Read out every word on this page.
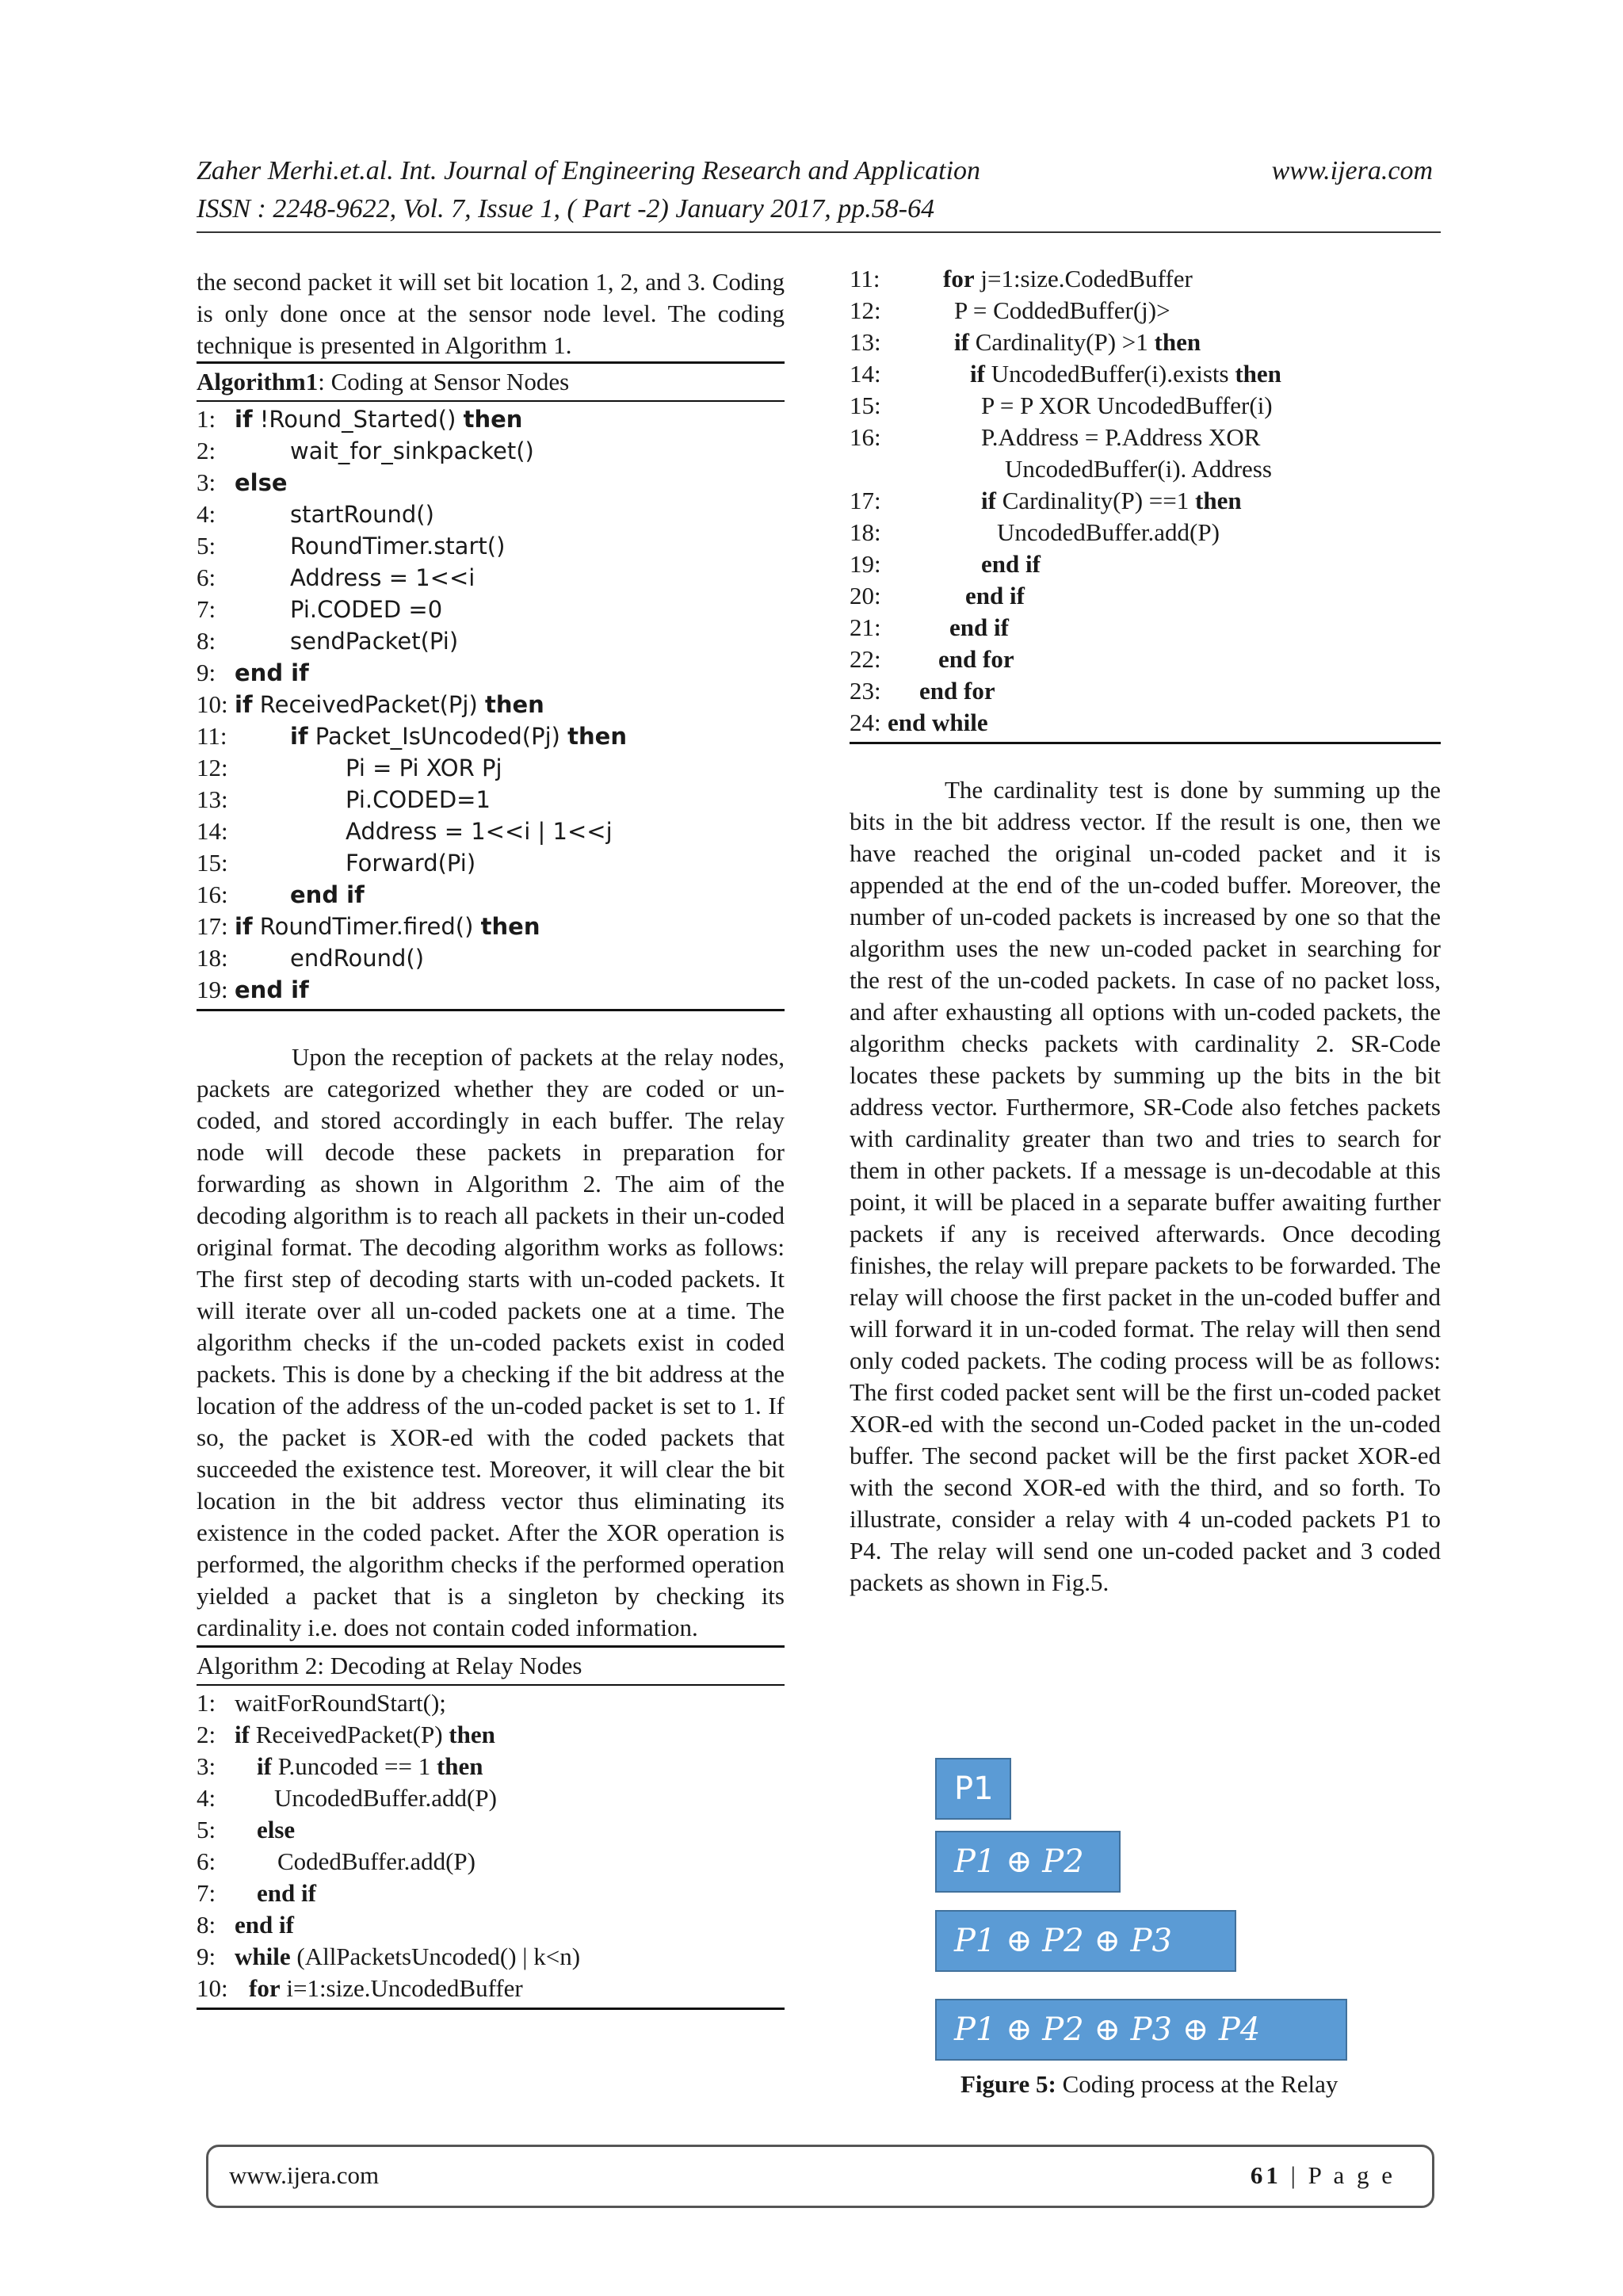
Zaher Merhi.et.al. Int. Journal of Engineering Research and Application	www.ijera.com
ISSN : 2248-9622, Vol. 7, Issue 1, ( Part -2) January 2017, pp.58-64

the second packet it will set bit location 1, 2, and 3. Coding is only done once at the sensor node level. The coding technique is presented in Algorithm 1.

Algorithm1: Coding at Sensor Nodes
1: if !Round_Started() then
2:	wait_for_sinkpacket()
3: else
4:	startRound()
5:	RoundTimer.start()
6:	Address = 1<<i
7:	Pi.CODED =0
8:	sendPacket(Pi)
9: end if
10: if ReceivedPacket(Pj) then
11:	if Packet_IsUncoded(Pj) then
12:	Pi = Pi XOR Pj
13:	Pi.CODED=1
14:	Address = 1<<i | 1<<j
15:	Forward(Pi)
16:	end if
17: if RoundTimer.fired() then
18:	endRound()
19: end if

Upon the reception of packets at the relay nodes, packets are categorized whether they are coded or un-coded, and stored accordingly in each buffer. The relay node will decode these packets in preparation for forwarding as shown in Algorithm 2. The aim of the decoding algorithm is to reach all packets in their un-coded original format. The decoding algorithm works as follows: The first step of decoding starts with un-coded packets. It will iterate over all un-coded packets one at a time. The algorithm checks if the un-coded packets exist in coded packets. This is done by a checking if the bit address at the location of the address of the un-coded packet is set to 1. If so, the packet is XOR-ed with the coded packets that succeeded the existence test. Moreover, it will clear the bit location in the bit address vector thus eliminating its existence in the coded packet. After the XOR operation is performed, the algorithm checks if the performed operation yielded a packet that is a singleton by checking its cardinality i.e. does not contain coded information.

Algorithm 2: Decoding at Relay Nodes
1: waitForRoundStart();
2: if ReceivedPacket(P) then
3:	if P.uncoded == 1 then
4:	UncodedBuffer.add(P)
5:	else
6:	CodedBuffer.add(P)
7:	end if
8: end if
9: while (AllPacketsUncoded() | k<n)
10: for i=1:size.UncodedBuffer
11:	for j=1:size.CodedBuffer
12:	P = CoddedBuffer(j)>
13:	if Cardinality(P) >1 then
14:	if UncodedBuffer(i).exists then
15:	P = P XOR UncodedBuffer(i)
16:	P.Address = P.Address XOR
UncodedBuffer(i). Address
17:	if Cardinality(P) ==1 then
18:	UncodedBuffer.add(P)
19:	end if
20:	end if
21:	end if
22:	end for
23:	end for
24: end while

The cardinality test is done by summing up the bits in the bit address vector. If the result is one, then we have reached the original un-coded packet and it is appended at the end of the un-coded buffer. Moreover, the number of un-coded packets is increased by one so that the algorithm uses the new un-coded packet in searching for the rest of the un-coded packets. In case of no packet loss, and after exhausting all options with un-coded packets, the algorithm checks packets with cardinality 2. SR-Code locates these packets by summing up the bits in the bit address vector. Furthermore, SR-Code also fetches packets with cardinality greater than two and tries to search for them in other packets. If a message is un-decodable at this point, it will be placed in a separate buffer awaiting further packets if any is received afterwards. Once decoding finishes, the relay will prepare packets to be forwarded. The relay will choose the first packet in the un-coded buffer and will forward it in un-coded format. The relay will then send only coded packets. The coding process will be as follows: The first coded packet sent will be the first un-coded packet XOR-ed with the second un-Coded packet in the un-coded buffer. The second packet will be the first packet XOR-ed with the second XOR-ed with the third, and so forth. To illustrate, consider a relay with 4 un-coded packets P1 to P4. The relay will send one un-coded packet and 3 coded packets as shown in Fig.5.

P1
𝑃1 ⊕ 𝑃2
𝑃1 ⊕ 𝑃2 ⊕ 𝑃3
𝑃1 ⊕ 𝑃2 ⊕ 𝑃3 ⊕ 𝑃4
Figure 5: Coding process at the Relay
www.ijera.com	61 | P a g e
